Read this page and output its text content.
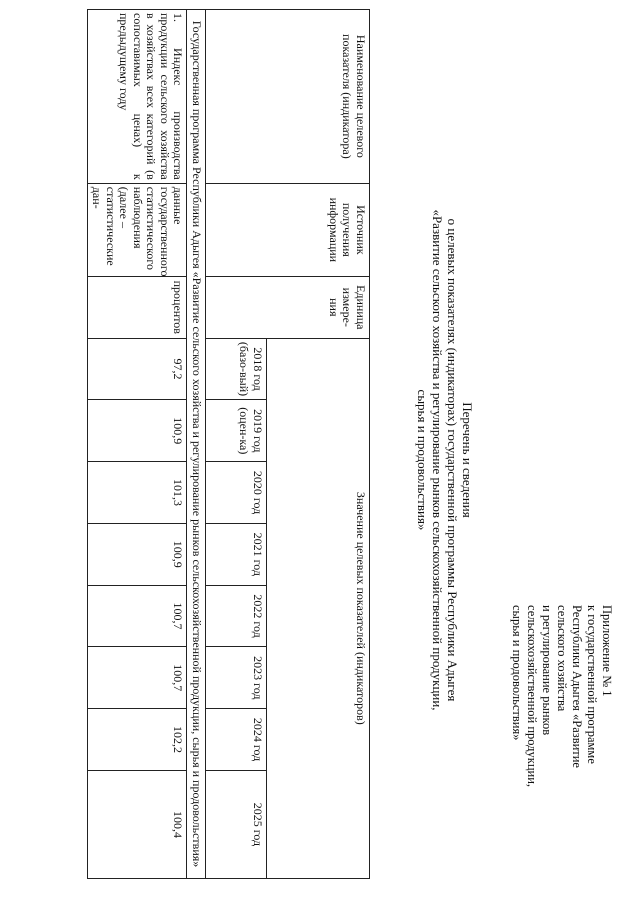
Приложение № 1
к государственной программе
Республики Адыгея «Развитие
сельского хозяйства
и регулирование рынков
сельскохозяйственной продукции,
сырья и продовольствия»
Перечень и сведения
о целевых показателях (индикаторах) государственной программы Республики Адыгея
«Развитие сельского хозяйства и регулирование рынков сельскохозяйственной продукции,
сырья и продовольствия»
Наименование целевого показателя (индикатора)	Источник получения информации	Единица измере-ния	Значение целевых показателей (индикаторов)							
			2018 год (базо-вый)	2019 год (оцен-ка)	2020 год	2021 год	2022 год	2023 год	2024 год	2025 год
Государственная программа Республики Адыгея «Развитие сельского хозяйства и регулирование рынков сельскохозяйственной продукции, сырья и продовольствия»										
1. Индекс производства продукции сельского хозяйства в хозяйствах всех категорий (в сопоставимых ценах) к предыдущему году	данные государственного статистического наблюдения (далее – статистические дан-	процентов	97,2	100,9	101,3	100,9	100,7	100,7	102,2	100,4
